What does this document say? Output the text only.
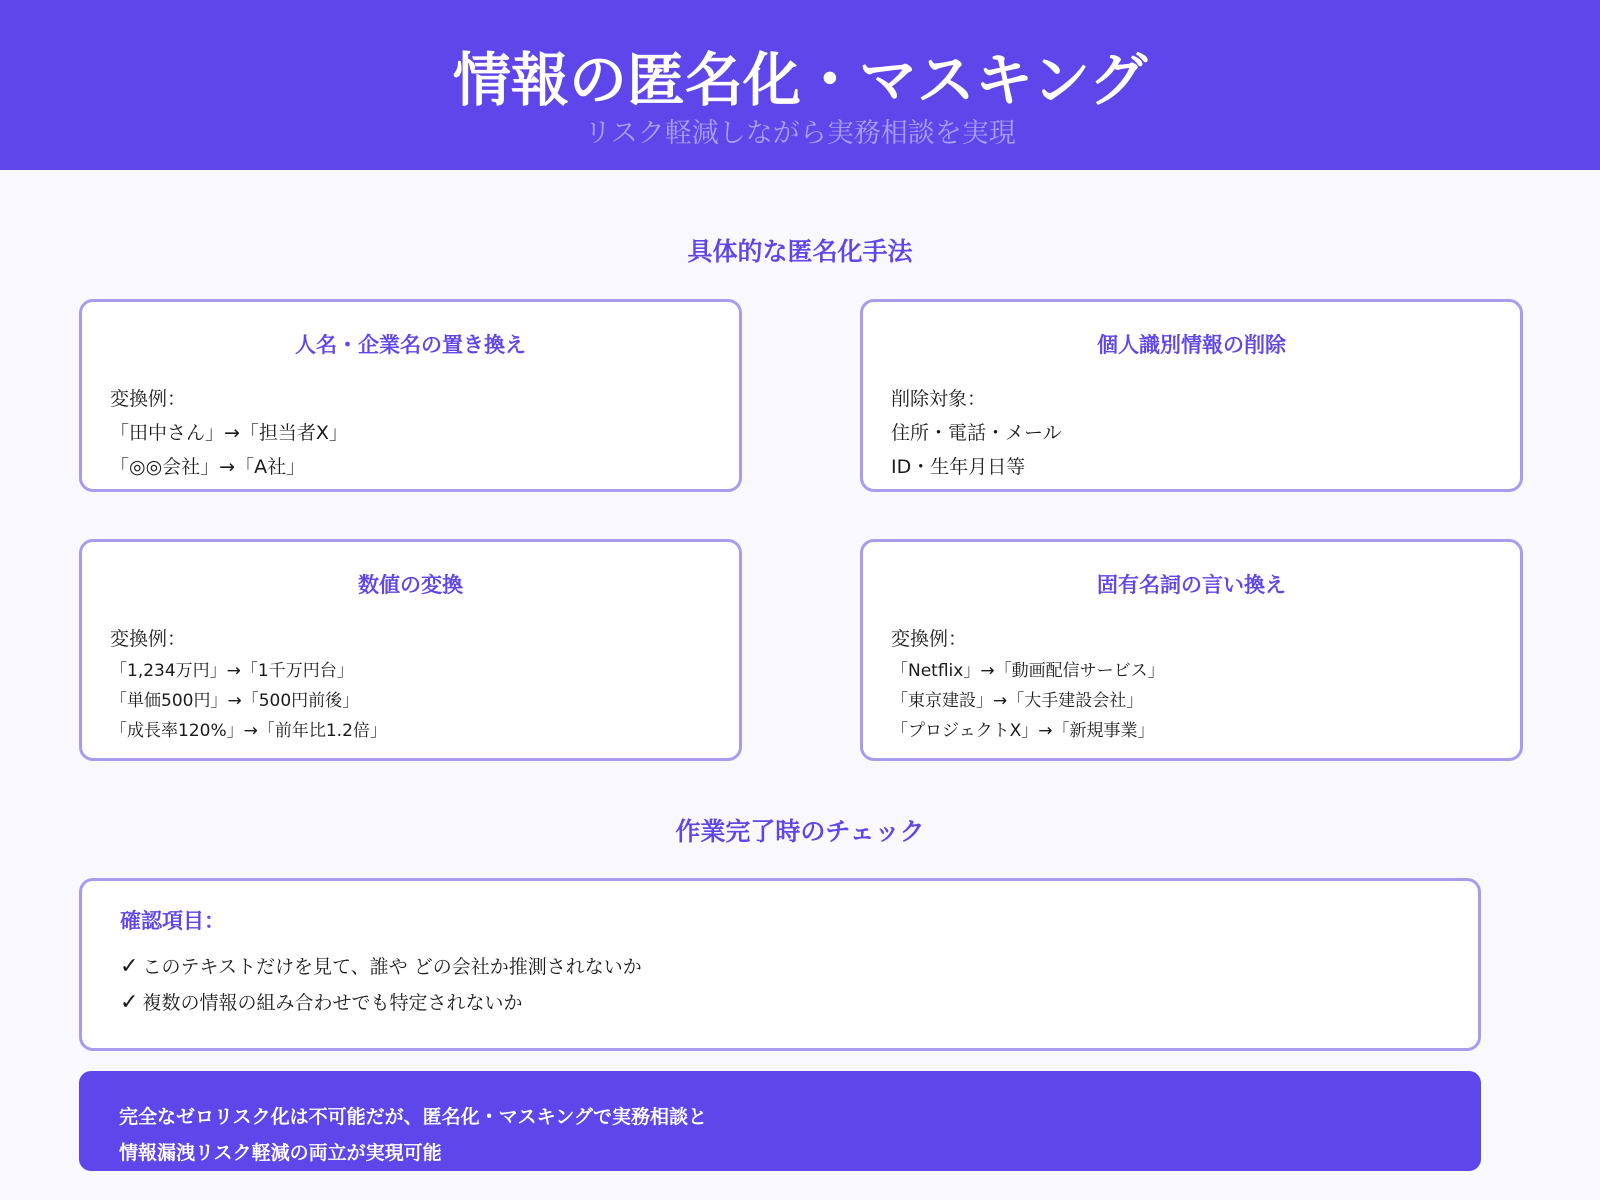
情報の匿名化・マスキング
リスク軽減しながら実務相談を実現
具体的な匿名化手法
人名・企業名の置き換え
変換例：
「田中さん」→「担当者X」
「◎◎会社」→「A社」
個人識別情報の削除
削除対象：
住所・電話・メール
ID・生年月日等
数値の変換
変換例：
「1,234万円」→「1千万円台」
「単価500円」→「500円前後」
「成長率120%」→「前年比1.2倍」
固有名詞の言い換え
変換例：
「Netflix」→「動画配信サービス」
「東京建設」→「大手建設会社」
「プロジェクトX」→「新規事業」
作業完了時のチェック
確認項目：
✓ このテキストだけを見て、誰や どの会社か推測されないか
✓ 複数の情報の組み合わせでも特定されないか
完全なゼロリスク化は不可能だが、匿名化・マスキングで実務相談と
情報漏洩リスク軽減の両立が実現可能
